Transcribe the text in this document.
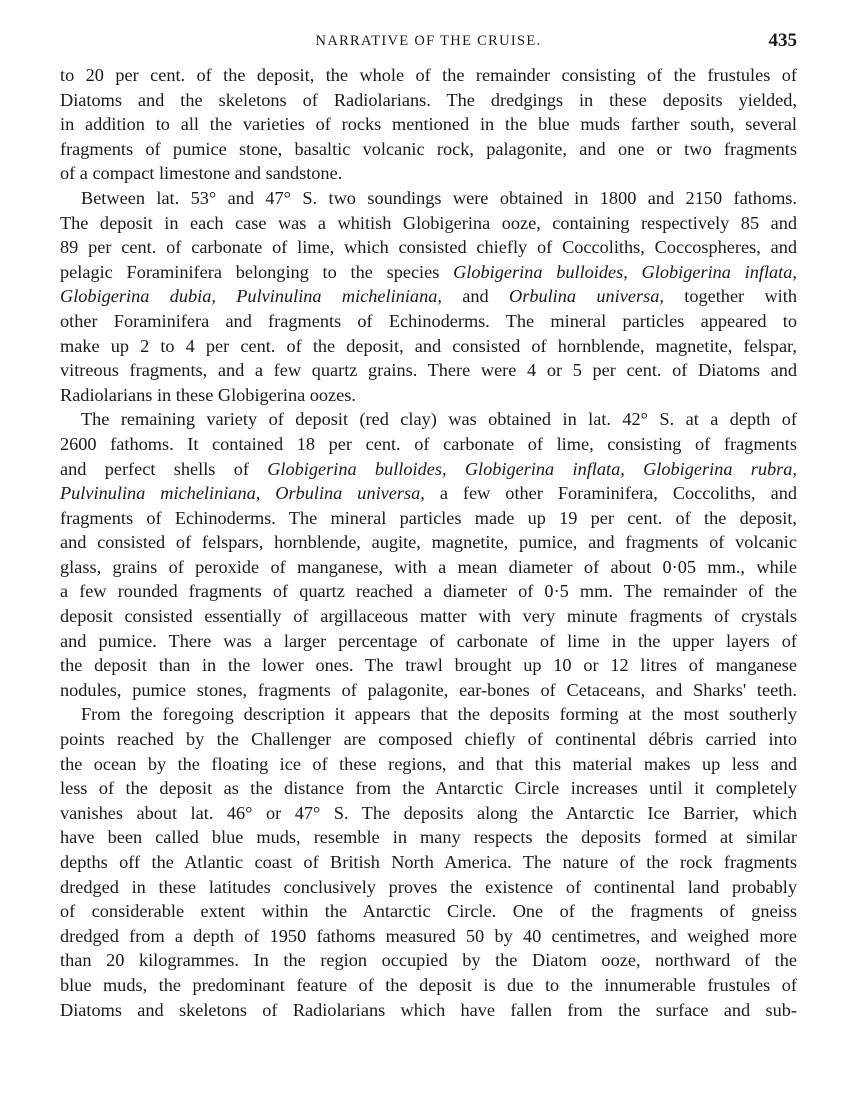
NARRATIVE OF THE CRUISE.	435
to 20 per cent. of the deposit, the whole of the remainder consisting of the frustules of
Diatoms and the skeletons of Radiolarians. The dredgings in these deposits yielded,
in addition to all the varieties of rocks mentioned in the blue muds farther south, several
fragments of pumice stone, basaltic volcanic rock, palagonite, and one or two fragments
of a compact limestone and sandstone.
Between lat. 53° and 47° S. two soundings were obtained in 1800 and 2150 fathoms.
The deposit in each case was a whitish Globigerina ooze, containing respectively 85 and
89 per cent. of carbonate of lime, which consisted chiefly of Coccoliths, Coccospheres, and
pelagic Foraminifera belonging to the species Globigerina bulloides, Globigerina inflata,
Globigerina dubia, Pulvinulina micheliniana, and Orbulina universa, together with
other Foraminifera and fragments of Echinoderms. The mineral particles appeared to
make up 2 to 4 per cent. of the deposit, and consisted of hornblende, magnetite, felspar,
vitreous fragments, and a few quartz grains. There were 4 or 5 per cent. of Diatoms and
Radiolarians in these Globigerina oozes.
The remaining variety of deposit (red clay) was obtained in lat. 42° S. at a depth of
2600 fathoms. It contained 18 per cent. of carbonate of lime, consisting of fragments
and perfect shells of Globigerina bulloides, Globigerina inflata, Globigerina rubra,
Pulvinulina micheliniana, Orbulina universa, a few other Foraminifera, Coccoliths, and
fragments of Echinoderms. The mineral particles made up 19 per cent. of the deposit,
and consisted of felspars, hornblende, augite, magnetite, pumice, and fragments of volcanic
glass, grains of peroxide of manganese, with a mean diameter of about 0·05 mm., while
a few rounded fragments of quartz reached a diameter of 0·5 mm. The remainder of the
deposit consisted essentially of argillaceous matter with very minute fragments of crystals
and pumice. There was a larger percentage of carbonate of lime in the upper layers of
the deposit than in the lower ones. The trawl brought up 10 or 12 litres of manganese
nodules, pumice stones, fragments of palagonite, ear-bones of Cetaceans, and Sharks' teeth.
From the foregoing description it appears that the deposits forming at the most southerly
points reached by the Challenger are composed chiefly of continental débris carried into
the ocean by the floating ice of these regions, and that this material makes up less and
less of the deposit as the distance from the Antarctic Circle increases until it completely
vanishes about lat. 46° or 47° S. The deposits along the Antarctic Ice Barrier, which
have been called blue muds, resemble in many respects the deposits formed at similar
depths off the Atlantic coast of British North America. The nature of the rock fragments
dredged in these latitudes conclusively proves the existence of continental land probably
of considerable extent within the Antarctic Circle. One of the fragments of gneiss
dredged from a depth of 1950 fathoms measured 50 by 40 centimetres, and weighed more
than 20 kilogrammes. In the region occupied by the Diatom ooze, northward of the
blue muds, the predominant feature of the deposit is due to the innumerable frustules of
Diatoms and skeletons of Radiolarians which have fallen from the surface and sub-
